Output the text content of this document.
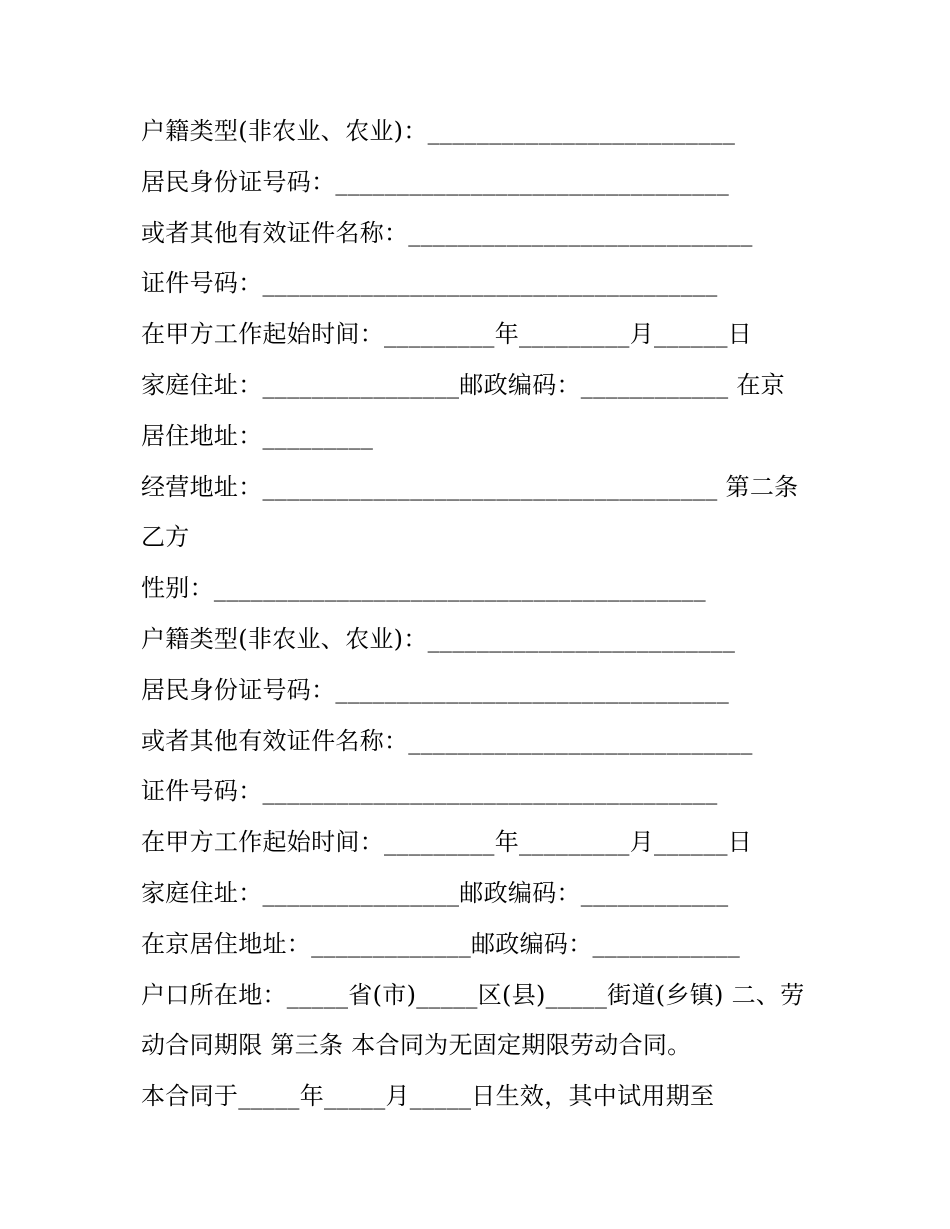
户籍类型(非农业、农业)：_________________________
居民身份证号码：________________________________
或者其他有效证件名称：____________________________
证件号码：_____________________________________
在甲方工作起始时间：_________年_________月______日
家庭住址：________________邮政编码：____________ 在京
居住地址：_________
经营地址：_____________________________________ 第二条
乙方
性别：________________________________________
户籍类型(非农业、农业)：_________________________
居民身份证号码：________________________________
或者其他有效证件名称：____________________________
证件号码：_____________________________________
在甲方工作起始时间：_________年_________月______日
家庭住址：________________邮政编码：____________
在京居住地址：_____________邮政编码：____________
户口所在地：_____省(市)_____区(县)_____街道(乡镇) 二、劳
动合同期限 第三条 本合同为无固定期限劳动合同。
本合同于_____年_____月_____日生效，其中试用期至
